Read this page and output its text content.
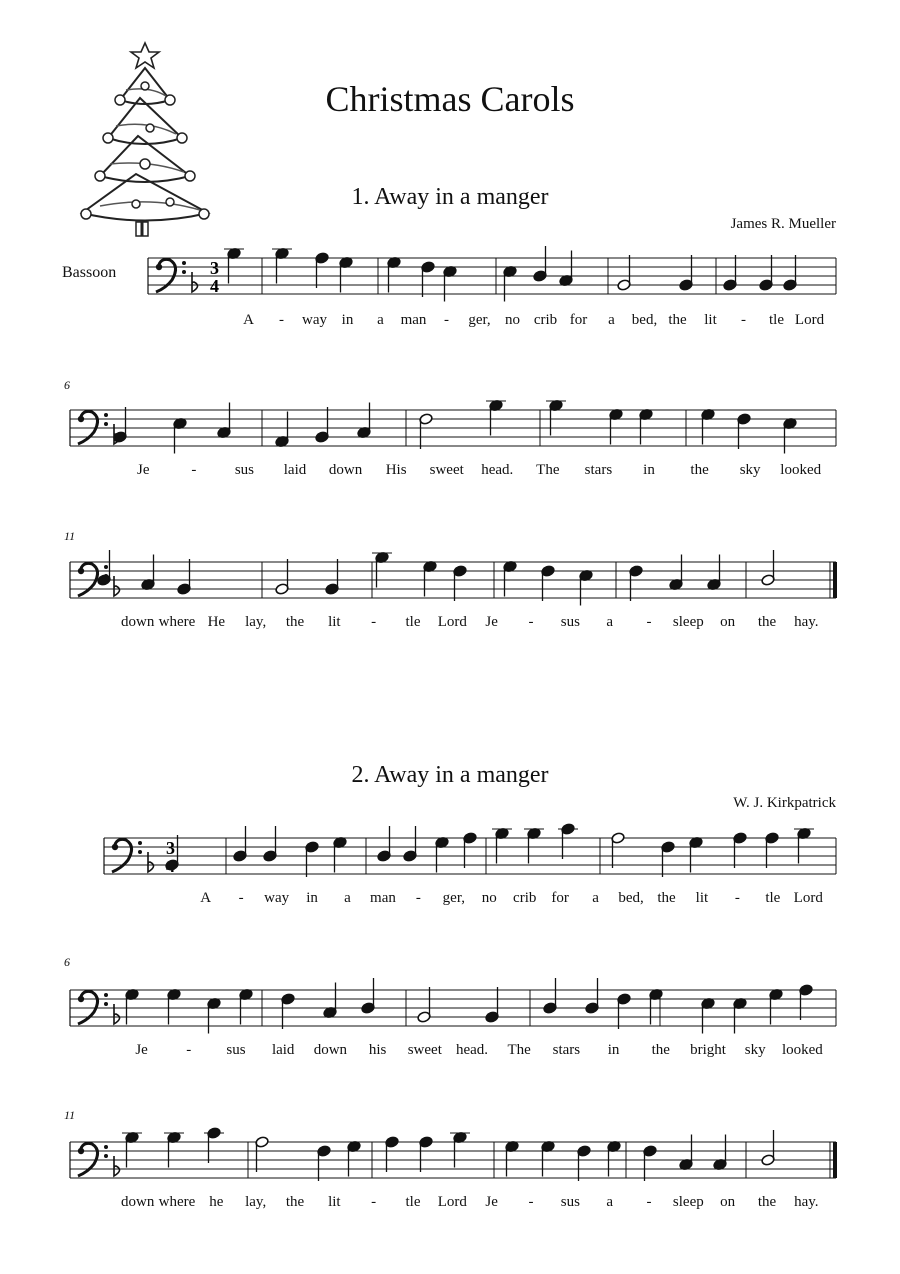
Christmas Carols
1. Away in a manger
James R. Mueller
Bassoon
6
11
2. Away in a manger
W. J. Kirkpatrick
6
11
3
4
3
A - way in a man - ger, no crib for a bed, the lit - tle Lord
Je	-	sus laid down His sweet head. The stars in the sky looked
down where He lay, the lit - tle Lord Je - sus a - sleep on the hay.
A - way in a man - ger, no crib for a bed, the lit - tle Lord
Je	- sus laid down his sweet head. The stars in the bright sky looked
down where he lay, the lit - tle Lord Je - sus a - sleep on the hay.
